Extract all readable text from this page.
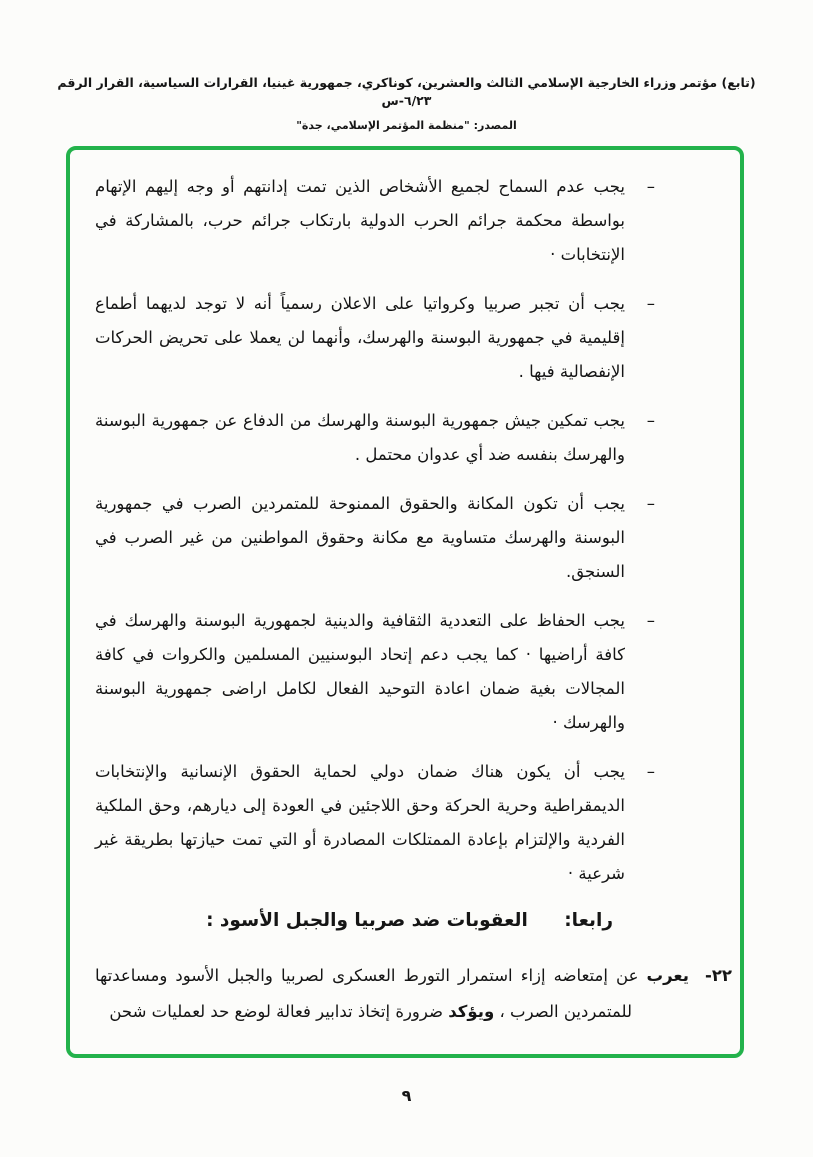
(تابع) مؤتمر وزراء الخارجية الإسلامي الثالث والعشرين، كوناكري، جمهورية غينيا، القرارات السياسية، القرار الرقم ٦/٢٣-س
المصدر: "منظمة المؤتمر الإسلامي، جدة"
–

يجب عدم السماح لجميع الأشخاص الذين تمت إدانتهم أو وجه إليهم الإتهام بواسطة محكمة جرائم الحرب الدولية بارتكاب جرائم حرب، بالمشاركة في الإنتخابات ·

–

يجب أن تجبر صربيا وكرواتيا على الاعلان رسمياً أنه لا توجد لديهما أطماع إقليمية في جمهورية البوسنة والهرسك، وأنهما لن يعملا على تحريض الحركات الإنفصالية فيها .

–

يجب تمكين جيش جمهورية البوسنة والهرسك من الدفاع عن جمهورية البوسنة والهرسك بنفسه ضد أي عدوان محتمل .

–

يجب أن تكون المكانة والحقوق الممنوحة للمتمردين الصرب في جمهورية البوسنة والهرسك متساوية مع مكانة وحقوق المواطنين من غير الصرب في السنجق.

–

يجب الحفاظ على التعددية الثقافية والدينية لجمهورية البوسنة والهرسك في كافة أراضيها · كما يجب دعم إتحاد البوسنيين المسلمين والكروات في كافة المجالات بغية ضمان اعادة التوحيد الفعال لكامل اراضى جمهورية البوسنة والهرسك ·

–

يجب أن يكون هناك ضمان دولي لحماية الحقوق الإنسانية والإنتخابات الديمقراطية وحرية الحركة وحق اللاجئين في العودة إلى ديارهم، وحق الملكية الفردية والإلتزام بإعادة الممتلكات المصادرة أو التي تمت حيازتها بطريقة غير شرعية ·

رابعا: العقوبات ضد صربيا والجبل الأسود :

٢٢- يعرب عن إمتعاضه إزاء استمرار التورط العسكرى لصربيا والجبل الأسود ومساعدتها للمتمردين الصرب ، ويؤكد ضرورة إتخاذ تدابير فعالة لوضع حد لعمليات شحن

٩
